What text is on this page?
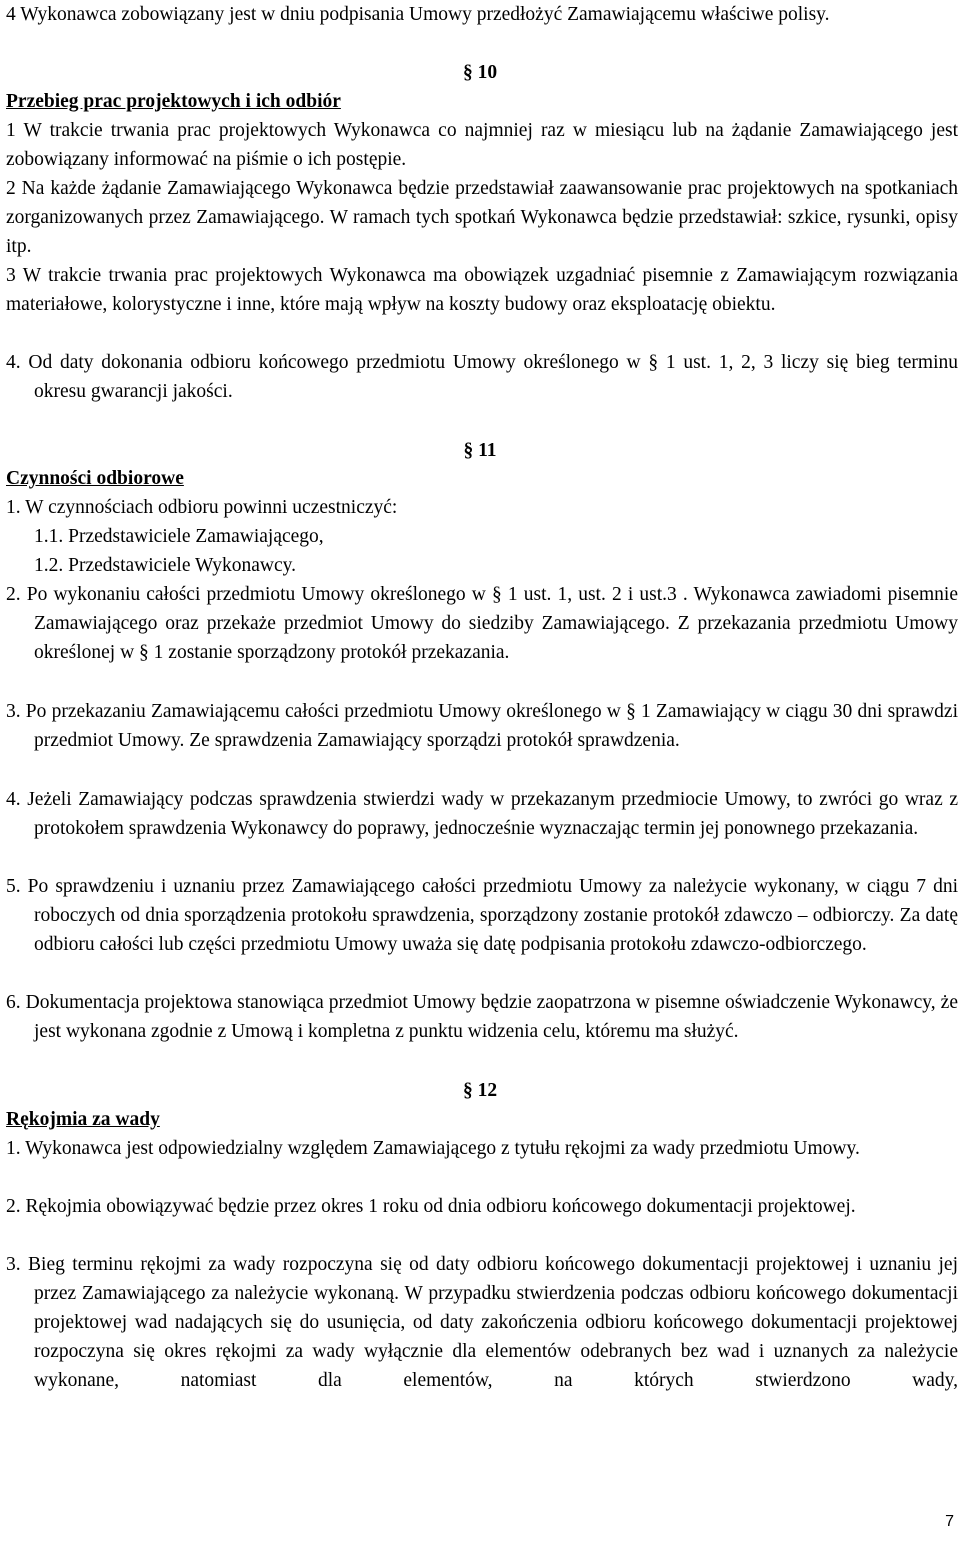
4 Wykonawca zobowiązany jest w dniu podpisania Umowy przedłożyć Zamawiającemu właściwe polisy.
§ 10
Przebieg prac projektowych i ich odbiór
1 W trakcie trwania prac projektowych Wykonawca co najmniej raz w miesiącu lub na żądanie Zamawiającego jest zobowiązany informować na piśmie o ich postępie.
2 Na każde żądanie Zamawiającego Wykonawca będzie przedstawiał zaawansowanie prac projektowych na spotkaniach zorganizowanych przez Zamawiającego. W ramach tych spotkań Wykonawca będzie przedstawiał: szkice, rysunki, opisy itp.
3 W trakcie trwania prac projektowych Wykonawca ma obowiązek uzgadniać pisemnie z Zamawiającym rozwiązania materiałowe, kolorystyczne i inne, które mają wpływ na koszty budowy oraz eksploatację obiektu.
4. Od daty dokonania odbioru końcowego przedmiotu Umowy określonego w § 1 ust. 1, 2, 3 liczy się bieg terminu okresu gwarancji jakości.
§ 11
Czynności odbiorowe
1. W czynnościach odbioru powinni uczestniczyć:
1.1. Przedstawiciele Zamawiającego,
1.2. Przedstawiciele Wykonawcy.
2. Po wykonaniu całości przedmiotu Umowy określonego w § 1 ust. 1, ust. 2 i ust.3 . Wykonawca zawiadomi pisemnie Zamawiającego oraz przekaże przedmiot Umowy do siedziby Zamawiającego. Z przekazania przedmiotu Umowy określonej w § 1 zostanie sporządzony protokół przekazania.
3. Po przekazaniu Zamawiającemu całości przedmiotu Umowy określonego w § 1 Zamawiający w ciągu 30 dni sprawdzi przedmiot Umowy. Ze sprawdzenia Zamawiający sporządzi protokół sprawdzenia.
4. Jeżeli Zamawiający podczas sprawdzenia stwierdzi wady w przekazanym przedmiocie Umowy, to zwróci go wraz z protokołem sprawdzenia Wykonawcy do poprawy, jednocześnie wyznaczając termin jej ponownego przekazania.
5. Po sprawdzeniu i uznaniu przez Zamawiającego całości przedmiotu Umowy za należycie wykonany, w ciągu 7 dni roboczych od dnia sporządzenia protokołu sprawdzenia, sporządzony zostanie protokół zdawczo – odbiorczy. Za datę odbioru całości lub części przedmiotu Umowy uważa się datę podpisania protokołu zdawczo-odbiorczego.
6. Dokumentacja projektowa stanowiąca przedmiot Umowy będzie zaopatrzona w pisemne oświadczenie Wykonawcy, że jest wykonana zgodnie z Umową i kompletna z punktu widzenia celu, któremu ma służyć.
§ 12
Rękojmia za wady
1. Wykonawca jest odpowiedzialny względem Zamawiającego z tytułu rękojmi za wady przedmiotu Umowy.
2. Rękojmia obowiązywać będzie przez okres 1 roku od dnia odbioru końcowego dokumentacji projektowej.
3. Bieg terminu rękojmi za wady rozpoczyna się od daty odbioru końcowego dokumentacji projektowej i uznaniu jej przez Zamawiającego za należycie wykonaną. W przypadku stwierdzenia podczas odbioru końcowego dokumentacji projektowej wad nadających się do usunięcia, od daty zakończenia odbioru końcowego dokumentacji projektowej rozpoczyna się okres rękojmi za wady wyłącznie dla elementów odebranych bez wad i uznanych za należycie wykonane, natomiast dla elementów, na których stwierdzono wady,
7
